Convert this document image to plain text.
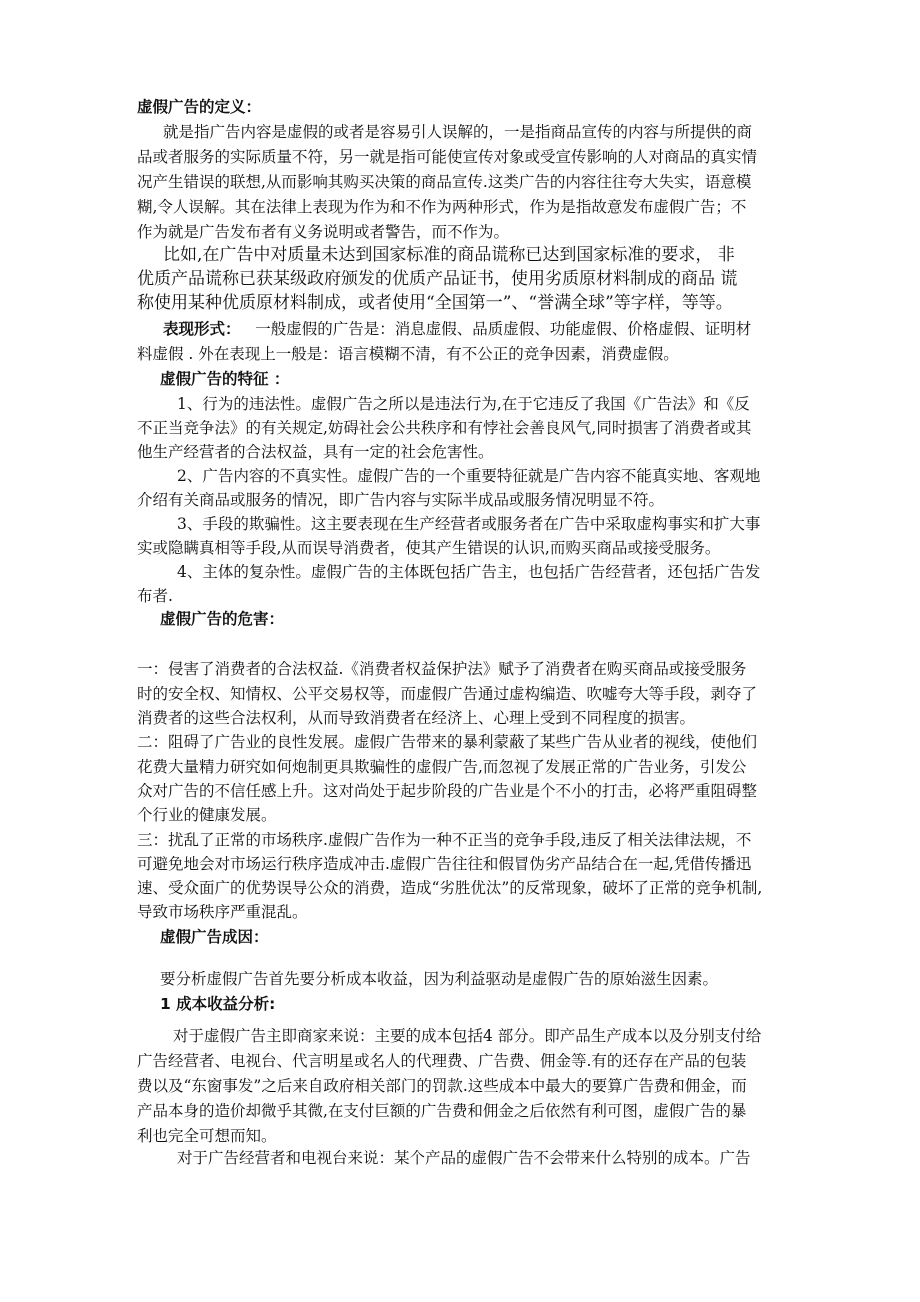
虚假广告的定义：
就是指广告内容是虚假的或者是容易引人误解的，一是指商品宣传的内容与所提供的商
品或者服务的实际质量不符，另一就是指可能使宣传对象或受宣传影响的人对商品的真实情
况产生错误的联想,从而影响其购买决策的商品宣传.这类广告的内容往往夸大失实，语意模
糊,令人误解。其在法律上表现为作为和不作为两种形式，作为是指故意发布虚假广告；不
作为就是广告发布者有义务说明或者警告，而不作为。
比如,在广告中对质量未达到国家标准的商品谎称已达到国家标准的要求， 非
优质产品谎称已获某级政府颁发的优质产品证书，使用劣质原材料制成的商品 谎
称使用某种优质原材料制成，或者使用“全国第一”、“誉满全球”等字样，等等。
表现形式： 一般虚假的广告是：消息虚假、品质虚假、功能虚假、价格虚假、证明材
料虚假 . 外在表现上一般是：语言模糊不清，有不公正的竞争因素，消费虚假。
虚假广告的特征 ：
1、行为的违法性。虚假广告之所以是违法行为,在于它违反了我国《广告法》和《反
不正当竞争法》的有关规定,妨碍社会公共秩序和有悖社会善良风气,同时损害了消费者或其
他生产经营者的合法权益，具有一定的社会危害性。
2、广告内容的不真实性。虚假广告的一个重要特征就是广告内容不能真实地、客观地
介绍有关商品或服务的情况，即广告内容与实际半成品或服务情况明显不符。
3、手段的欺骗性。这主要表现在生产经营者或服务者在广告中采取虚构事实和扩大事
实或隐瞒真相等手段,从而误导消费者，使其产生错误的认识,而购买商品或接受服务。
4、主体的复杂性。虚假广告的主体既包括广告主，也包括广告经营者，还包括广告发
布者.
虚假广告的危害：
一：侵害了消费者的合法权益.《消费者权益保护法》赋予了消费者在购买商品或接受服务
时的安全权、知情权、公平交易权等，而虚假广告通过虚构编造、吹嘘夸大等手段，剥夺了
消费者的这些合法权利，从而导致消费者在经济上、心理上受到不同程度的损害。
二：阻碍了广告业的良性发展。虚假广告带来的暴利蒙蔽了某些广告从业者的视线，使他们
花费大量精力研究如何炮制更具欺骗性的虚假广告,而忽视了发展正常的广告业务，引发公
众对广告的不信任感上升。这对尚处于起步阶段的广告业是个不小的打击，必将严重阻碍整
个行业的健康发展。
三：扰乱了正常的市场秩序.虚假广告作为一种不正当的竞争手段,违反了相关法律法规，不
可避免地会对市场运行秩序造成冲击.虚假广告往往和假冒伪劣产品结合在一起,凭借传播迅
速、受众面广的优势误导公众的消费，造成“劣胜优汰”的反常现象，破坏了正常的竞争机制,
导致市场秩序严重混乱。
虚假广告成因：
要分析虚假广告首先要分析成本收益，因为利益驱动是虚假广告的原始滋生因素。
1 成本收益分析:
对于虚假广告主即商家来说：主要的成本包括4 部分。即产品生产成本以及分别支付给
广告经营者、电视台、代言明星或名人的代理费、广告费、佣金等.有的还存在产品的包装
费以及“东窗事发”之后来自政府相关部门的罚款.这些成本中最大的要算广告费和佣金，而
产品本身的造价却微乎其微,在支付巨额的广告费和佣金之后依然有利可图，虚假广告的暴
利也完全可想而知。
对于广告经营者和电视台来说：某个产品的虚假广告不会带来什么特别的成本。广告
